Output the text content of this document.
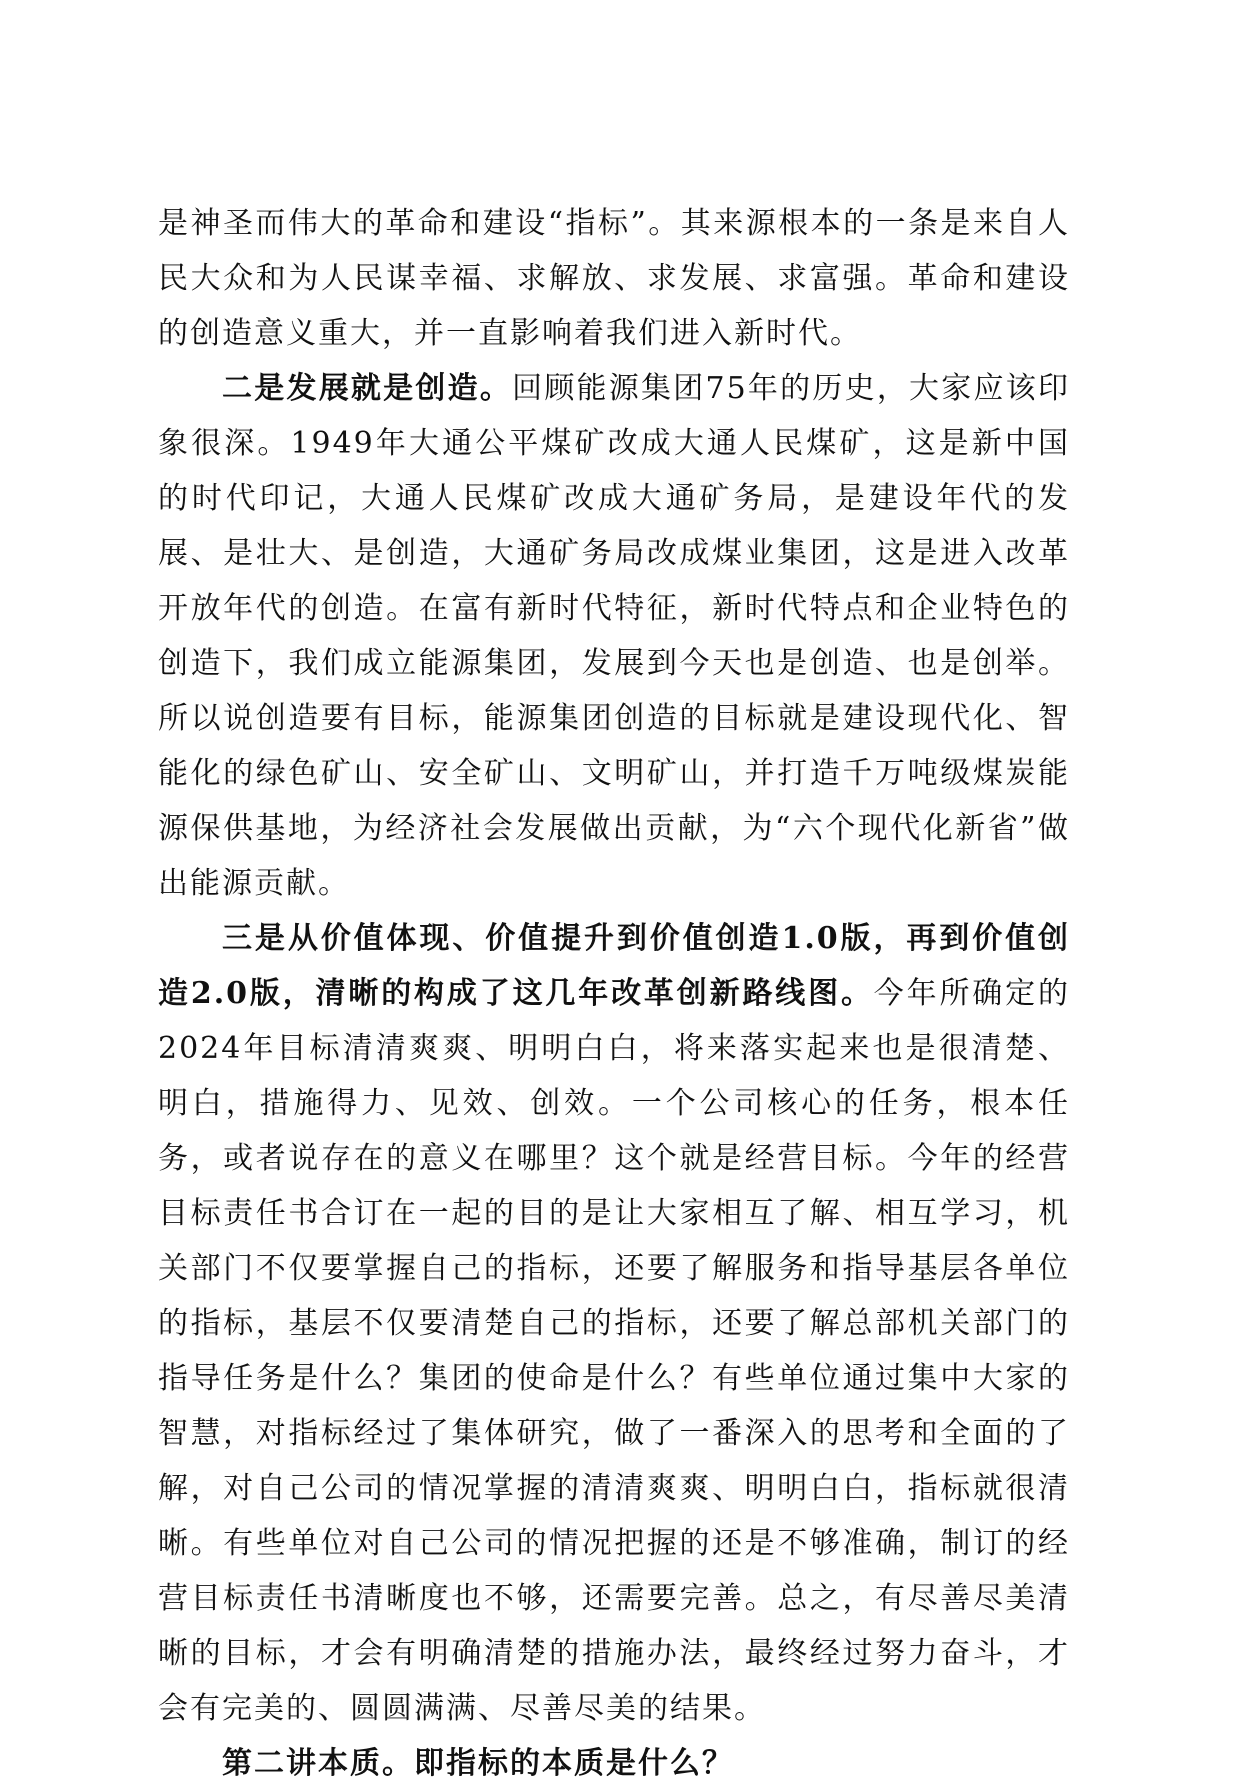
是神圣而伟大的革命和建设“指标”。其来源根本的一条是来自人民大众和为人民谋幸福、求解放、求发展、求富强。革命和建设的创造意义重大，并一直影响着我们进入新时代。

二是发展就是创造。回顾能源集团75年的历史，大家应该印象很深。1949年大通公平煤矿改成大通人民煤矿，这是新中国的时代印记，大通人民煤矿改成大通矿务局，是建设年代的发展、是壮大、是创造，大通矿务局改成煤业集团，这是进入改革开放年代的创造。在富有新时代特征，新时代特点和企业特色的创造下，我们成立能源集团，发展到今天也是创造、也是创举。所以说创造要有目标，能源集团创造的目标就是建设现代化、智能化的绿色矿山、安全矿山、文明矿山，并打造千万吨级煤炭能源保供基地，为经济社会发展做出贡献，为“六个现代化新省”做出能源贡献。

三是从价值体现、价值提升到价值创造1.0版，再到价值创造2.0版，清晰的构成了这几年改革创新路线图。今年所确定的2024年目标清清爽爽、明明白白，将来落实起来也是很清楚、明白，措施得力、见效、创效。一个公司核心的任务，根本任务，或者说存在的意义在哪里？这个就是经营目标。今年的经营目标责任书合订在一起的目的是让大家相互了解、相互学习，机关部门不仅要掌握自己的指标，还要了解服务和指导基层各单位的指标，基层不仅要清楚自己的指标，还要了解总部机关部门的指导任务是什么？集团的使命是什么？有些单位通过集中大家的智慧，对指标经过了集体研究，做了一番深入的思考和全面的了解，对自己公司的情况掌握的清清爽爽、明明白白，指标就很清晰。有些单位对自己公司的情况把握的还是不够准确，制订的经营目标责任书清晰度也不够，还需要完善。总之，有尽善尽美清晰的目标，才会有明确清楚的措施办法，最终经过努力奋斗，才会有完美的、圆圆满满、尽善尽美的结果。

第二讲本质。即指标的本质是什么？
